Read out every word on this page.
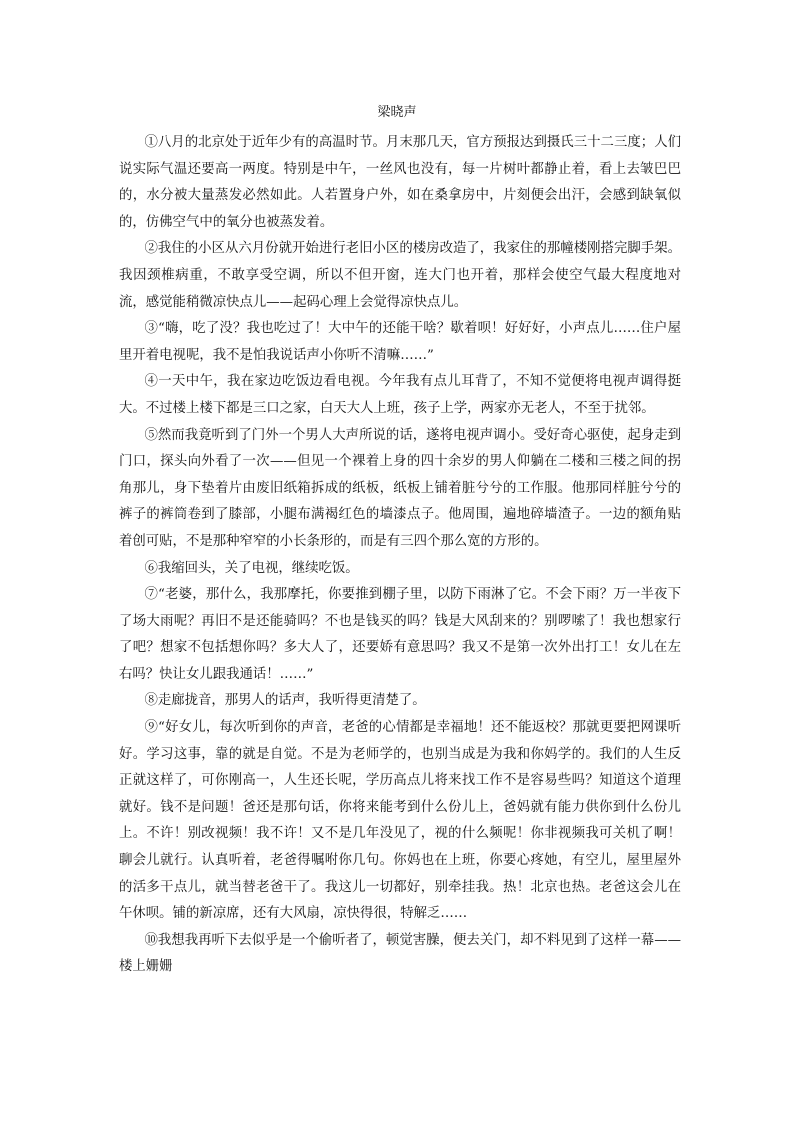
梁晓声

①八月的北京处于近年少有的高温时节。月末那几天，官方预报达到摄氏三十二三度；人们说实际气温还要高一两度。特别是中午，一丝风也没有，每一片树叶都静止着，看上去皱巴巴的，水分被大量蒸发必然如此。人若置身户外，如在桑拿房中，片刻便会出汗，会感到缺氧似的，仿佛空气中的氧分也被蒸发着。

②我住的小区从六月份就开始进行老旧小区的楼房改造了，我家住的那幢楼刚搭完脚手架。我因颈椎病重，不敢享受空调，所以不但开窗，连大门也开着，那样会使空气最大程度地对流，感觉能稍微凉快点儿——起码心理上会觉得凉快点儿。

③“嗨，吃了没？我也吃过了！大中午的还能干啥？歇着呗！好好好，小声点儿……住户屋里开着电视呢，我不是怕我说话声小你听不清嘛……”

④一天中午，我在家边吃饭边看电视。今年我有点儿耳背了，不知不觉便将电视声调得挺大。不过楼上楼下都是三口之家，白天大人上班，孩子上学，两家亦无老人，不至于扰邻。

⑤然而我竟听到了门外一个男人大声所说的话，遂将电视声调小。受好奇心驱使，起身走到门口，探头向外看了一次——但见一个裸着上身的四十余岁的男人仰躺在二楼和三楼之间的拐角那儿，身下垫着片由废旧纸箱拆成的纸板，纸板上铺着脏兮兮的工作服。他那同样脏兮兮的裤子的裤筒卷到了膝部，小腿布满褐红色的墙漆点子。他周围，遍地碎墙渣子。一边的额角贴着创可贴，不是那种窄窄的小长条形的，而是有三四个那么宽的方形的。

⑥我缩回头，关了电视，继续吃饭。

⑦“老婆，那什么，我那摩托，你要推到棚子里，以防下雨淋了它。不会下雨？万一半夜下了场大雨呢？再旧不是还能骑吗？不也是钱买的吗？钱是大风刮来的？别啰嗦了！我也想家行了吧？想家不包括想你吗？多大人了，还要娇有意思吗？我又不是第一次外出打工！女儿在左右吗？快让女儿跟我通话！……”

⑧走廊拢音，那男人的话声，我听得更清楚了。

⑨“好女儿，每次听到你的声音，老爸的心情都是幸福地！还不能返校？那就更要把网课听好。学习这事，靠的就是自觉。不是为老师学的，也别当成是为我和你妈学的。我们的人生反正就这样了，可你刚高一，人生还长呢，学历高点儿将来找工作不是容易些吗？知道这个道理就好。钱不是问题！爸还是那句话，你将来能考到什么份儿上，爸妈就有能力供你到什么份儿上。不许！别改视频！我不许！又不是几年没见了，视的什么频呢！你非视频我可关机了啊！聊会儿就行。认真听着，老爸得嘱咐你几句。你妈也在上班，你要心疼她，有空儿，屋里屋外的活多干点儿，就当替老爸干了。我这儿一切都好，别牵挂我。热！北京也热。老爸这会儿在午休呗。铺的新凉席，还有大风扇，凉快得很，特解乏……

⑩我想我再听下去似乎是一个偷听者了，顿觉害臊，便去关门，却不料见到了这样一幕——楼上姗姗
